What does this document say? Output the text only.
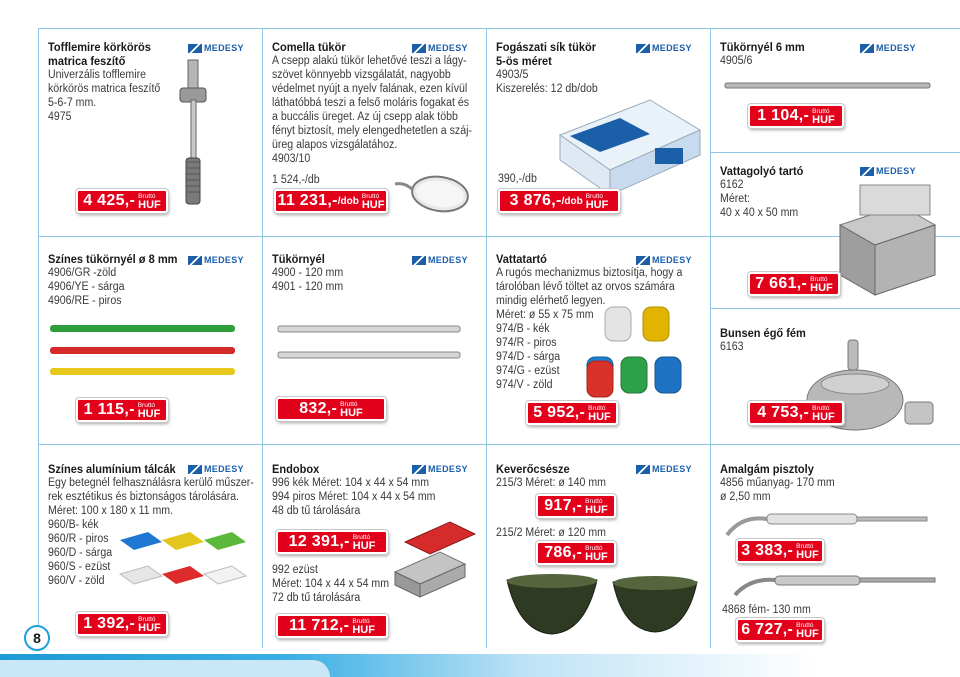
Tofflemire körkörös
matrica feszítő
Univerzális tofflemire
körkörös matrica feszítő
5-6-7 mm.
4975
MEDESY
4 425,- Bruttó
HUF
Comella tükör
A csepp alakú tükör lehetővé teszi a lágy-
szövet könnyebb vizsgálatát, nagyobb
védelmet nyújt a nyelv falának, ezen kívül
láthatóbbá teszi a felső moláris fogakat és
a buccális üreget. Az új csepp alak több
fényt biztosít, mely elengedhetetlen a száj-
üreg alapos vizsgálatához.
4903/10
1 524,-/db
MEDESY
11 231,- /dob Bruttó
HUF
Fogászati sík tükör
5-ös méret
4903/5
Kiszerelés: 12 db/dob
MEDESY
390,-/db
3 876,- /dob Bruttó
HUF
Tükörnyél 6 mm
4905/6
MEDESY
1 104,- Bruttó
HUF
Vattagolyó tartó
6162
Méret:
40 x 40 x 50 mm
MEDESY
Színes tükörnyél ø 8 mm
4906/GR -zöld
4906/YE - sárga
4906/RE - piros
MEDESY
1 115,- Bruttó
HUF
Tükörnyél
4900 - 120 mm
4901 - 120 mm
MEDESY
832,- Bruttó
HUF
Vattatartó
A rugós mechanizmus biztosítja, hogy a
tárolóban lévő töltet az orvos számára
mindig elérhető legyen.
Méret: ø 55 x 75 mm
974/B - kék
974/R - piros
974/D - sárga
974/G - ezüst
974/V - zöld
MEDESY
5 952,- Bruttó
HUF
7 661,- Bruttó
HUF
Bunsen égő fém
6163
4 753,- Bruttó
HUF
Színes alumínium tálcák
Egy betegnél felhasználásra kerülő műszer-
rek esztétikus és biztonságos tárolására.
Méret: 100 x 180 x 11 mm.
960/B- kék
960/R - piros
960/D - sárga
960/S - ezüst
960/V - zöld
MEDESY
1 392,- Bruttó
HUF
Endobox
996 kék Méret: 104 x 44 x 54 mm
994 piros Méret: 104 x 44 x 54 mm
48 db tű tárolására
MEDESY
12 391,- Bruttó
HUF
992 ezüst
Méret: 104 x 44 x 54 mm
72 db tű tárolására
11 712,- Bruttó
HUF
Keverőcsésze
215/3 Méret: ø 140 mm
MEDESY
917,- Bruttó
HUF
215/2 Méret: ø 120 mm
786,- Bruttó
HUF
Amalgám pisztoly
4856 műanyag- 170 mm
ø 2,50 mm
3 383,- Bruttó
HUF
4868 fém- 130 mm
6 727,- Bruttó
HUF
8
